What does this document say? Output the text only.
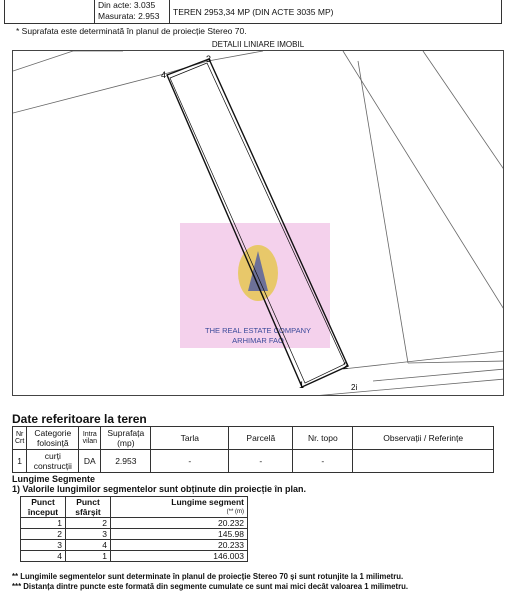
Din acte: 3.035
Masurata: 2.953	TEREN 2953,34 MP (DIN ACTE 3035 MP)
* Suprafata este determinată în planul de proiecție Stereo 70.
DETALII LINIARE IMOBIL
THE REAL ESTATE COMPANY
ARHIMAR FAO
4
3
2
1	2i
Date referitoare la teren
Nr Crt	Categorie folosință	Intra vilan	Suprafața (mp)	Tarla	Parcelă	Nr. topo	Observații / Referințe
1	curți construcții	DA	2.953	-	-	-	
Lungime Segmente
1) Valorile lungimilor segmentelor sunt obținute din proiecție în plan.
Punct început	Punct sfârșit	Lungime segment
(** (m)

1	2	20.232
2	3	145.98
3	4	20.233
4	1	146.003
** Lungimile segmentelor sunt determinate în planul de proiecție Stereo 70 și sunt rotunjite la 1 milimetru.
*** Distanța dintre puncte este formată din segmente cumulate ce sunt mai mici decât valoarea 1 milimetru.
